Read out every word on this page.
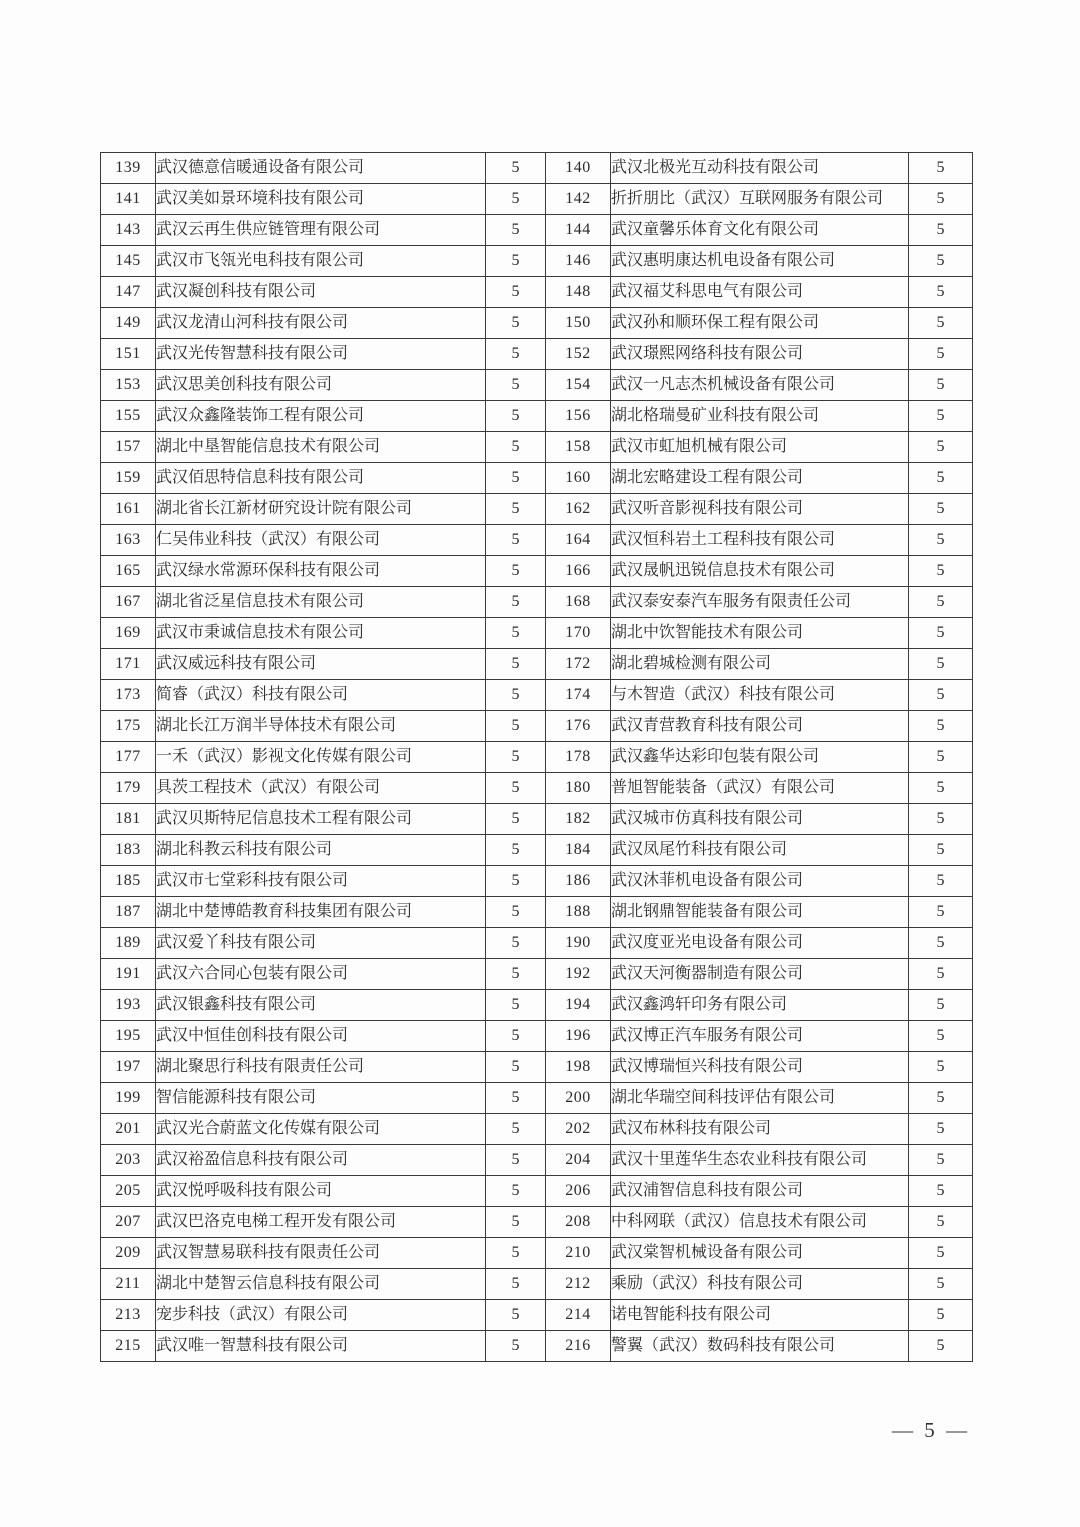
139	武汉德意信暖通设备有限公司	5	140	武汉北极光互动科技有限公司	5
141	武汉美如景环境科技有限公司	5	142	折折朋比（武汉）互联网服务有限公司	5
143	武汉云再生供应链管理有限公司	5	144	武汉童馨乐体育文化有限公司	5
145	武汉市飞瓴光电科技有限公司	5	146	武汉惠明康达机电设备有限公司	5
147	武汉凝创科技有限公司	5	148	武汉福艾科思电气有限公司	5
149	武汉龙清山河科技有限公司	5	150	武汉孙和顺环保工程有限公司	5
151	武汉光传智慧科技有限公司	5	152	武汉璟熙网络科技有限公司	5
153	武汉思美创科技有限公司	5	154	武汉一凡志杰机械设备有限公司	5
155	武汉众鑫隆装饰工程有限公司	5	156	湖北格瑞曼矿业科技有限公司	5
157	湖北中垦智能信息技术有限公司	5	158	武汉市虹旭机械有限公司	5
159	武汉佰思特信息科技有限公司	5	160	湖北宏略建设工程有限公司	5
161	湖北省长江新材研究设计院有限公司	5	162	武汉听音影视科技有限公司	5
163	仁吴伟业科技（武汉）有限公司	5	164	武汉恒科岩土工程科技有限公司	5
165	武汉绿水常源环保科技有限公司	5	166	武汉晟帆迅锐信息技术有限公司	5
167	湖北省泛星信息技术有限公司	5	168	武汉泰安泰汽车服务有限责任公司	5
169	武汉市秉诚信息技术有限公司	5	170	湖北中饮智能技术有限公司	5
171	武汉威远科技有限公司	5	172	湖北碧城检测有限公司	5
173	简睿（武汉）科技有限公司	5	174	与木智造（武汉）科技有限公司	5
175	湖北长江万润半导体技术有限公司	5	176	武汉青营教育科技有限公司	5
177	一禾（武汉）影视文化传媒有限公司	5	178	武汉鑫华达彩印包装有限公司	5
179	具茨工程技术（武汉）有限公司	5	180	普旭智能装备（武汉）有限公司	5
181	武汉贝斯特尼信息技术工程有限公司	5	182	武汉城市仿真科技有限公司	5
183	湖北科教云科技有限公司	5	184	武汉凤尾竹科技有限公司	5
185	武汉市七堂彩科技有限公司	5	186	武汉沐菲机电设备有限公司	5
187	湖北中楚博皓教育科技集团有限公司	5	188	湖北钢鼎智能装备有限公司	5
189	武汉爱丫科技有限公司	5	190	武汉度亚光电设备有限公司	5
191	武汉六合同心包装有限公司	5	192	武汉天河衡器制造有限公司	5
193	武汉银鑫科技有限公司	5	194	武汉鑫鸿轩印务有限公司	5
195	武汉中恒佳创科技有限公司	5	196	武汉博正汽车服务有限公司	5
197	湖北聚思行科技有限责任公司	5	198	武汉博瑞恒兴科技有限公司	5
199	智信能源科技有限公司	5	200	湖北华瑞空间科技评估有限公司	5
201	武汉光合蔚蓝文化传媒有限公司	5	202	武汉布林科技有限公司	5
203	武汉裕盈信息科技有限公司	5	204	武汉十里莲华生态农业科技有限公司	5
205	武汉悦呼吸科技有限公司	5	206	武汉浦智信息科技有限公司	5
207	武汉巴洛克电梯工程开发有限公司	5	208	中科网联（武汉）信息技术有限公司	5
209	武汉智慧易联科技有限责任公司	5	210	武汉棠智机械设备有限公司	5
211	湖北中楚智云信息科技有限公司	5	212	乘励（武汉）科技有限公司	5
213	宠步科技（武汉）有限公司	5	214	诺电智能科技有限公司	5
215	武汉唯一智慧科技有限公司	5	216	警翼（武汉）数码科技有限公司	5
— 5 —
